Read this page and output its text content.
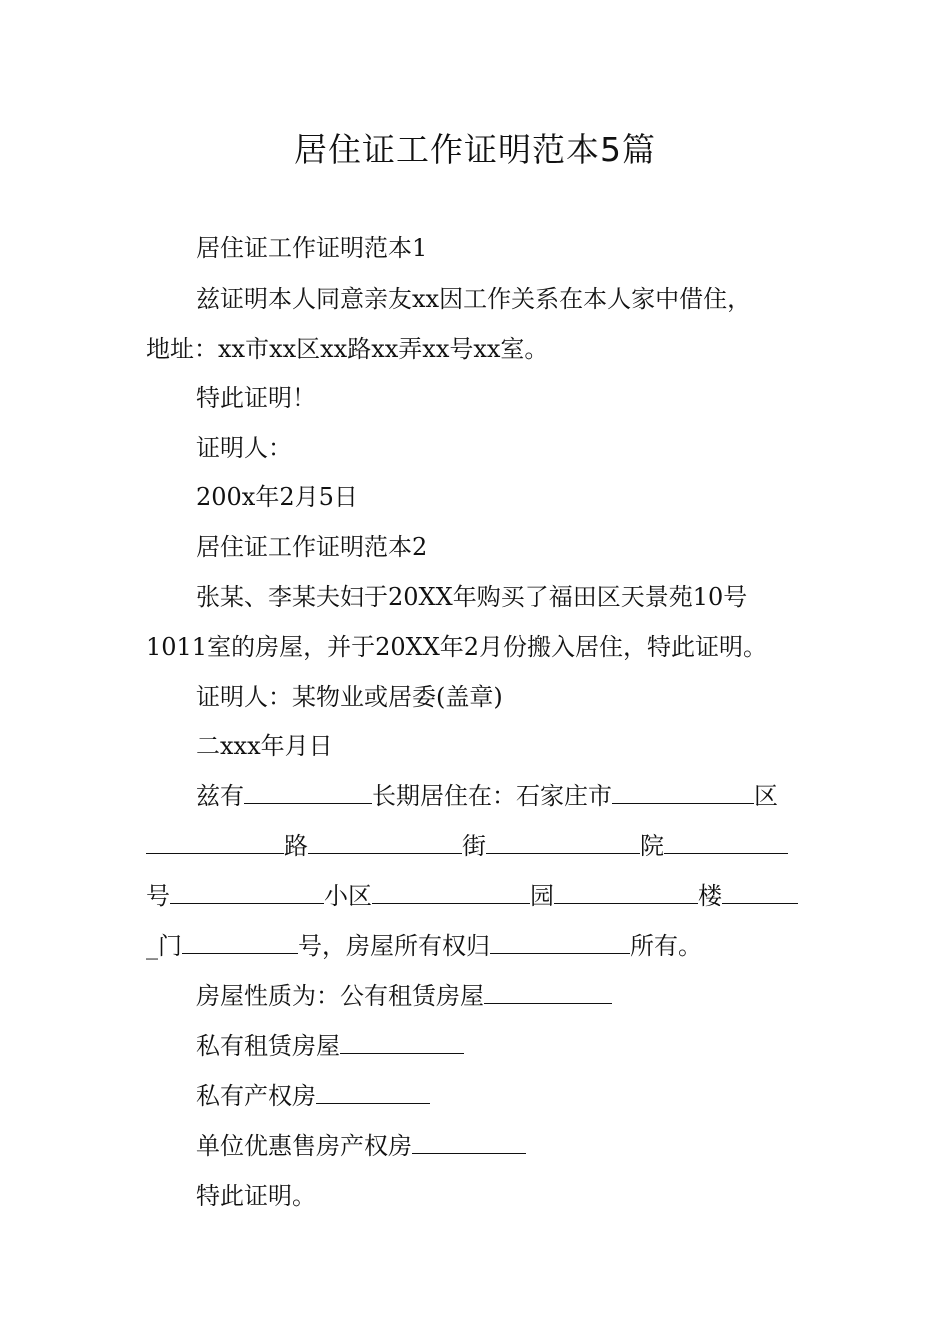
居住证工作证明范本5篇
居住证工作证明范本1
兹证明本人同意亲友xx因工作关系在本人家中借住，
地址：xx市xx区xx路xx弄xx号xx室。
特此证明！
证明人：
200x年2月5日
居住证工作证明范本2
张某、李某夫妇于20XX年购买了福田区天景苑10号
1011室的房屋，并于20XX年2月份搬入居住，特此证明。
证明人：某物业或居委(盖章)
二xxx年月日
兹有	长期居住在：石家庄市	区
路	街	院
号	小区	园	楼
_门	号，房屋所有权归	所有。
房屋性质为：公有租赁房屋
私有租赁房屋
私有产权房
单位优惠售房产权房
特此证明。
